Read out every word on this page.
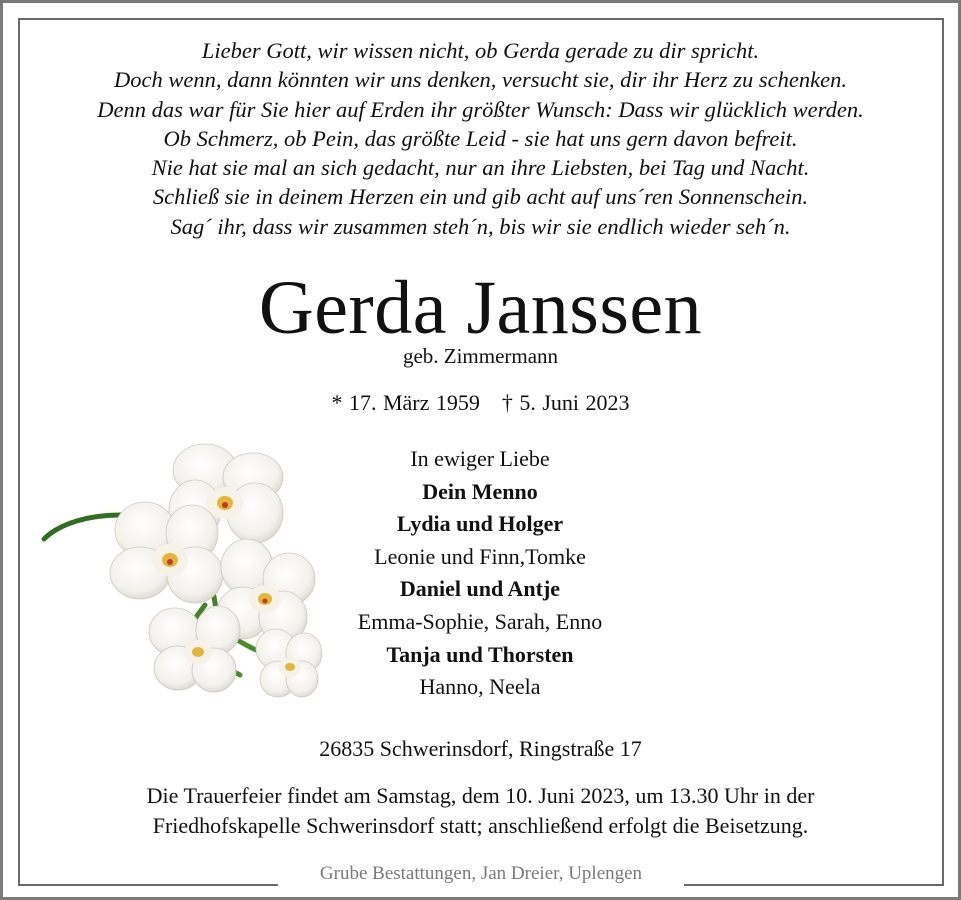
Lieber Gott, wir wissen nicht, ob Gerda gerade zu dir spricht.
Doch wenn, dann könnten wir uns denken, versucht sie, dir ihr Herz zu schenken.
Denn das war für Sie hier auf Erden ihr größter Wunsch: Dass wir glücklich werden.
Ob Schmerz, ob Pein, das größte Leid - sie hat uns gern davon befreit.
Nie hat sie mal an sich gedacht, nur an ihre Liebsten, bei Tag und Nacht.
Schließ sie in deinem Herzen ein und gib acht auf uns´ren Sonnenschein.
Sag´ ihr, dass wir zusammen steh´n, bis wir sie endlich wieder seh´n.
Gerda Janssen
geb. Zimmermann
* 17. März 1959 † 5. Juni 2023
In ewiger Liebe
Dein Menno
Lydia und Holger
Leonie und Finn,Tomke
Daniel und Antje
Emma-Sophie, Sarah, Enno
Tanja und Thorsten
Hanno, Neela
26835 Schwerinsdorf, Ringstraße 17
Die Trauerfeier findet am Samstag, dem 10. Juni 2023, um 13.30 Uhr in der
Friedhofskapelle Schwerinsdorf statt; anschließend erfolgt die Beisetzung.
Grube Bestattungen, Jan Dreier, Uplengen
